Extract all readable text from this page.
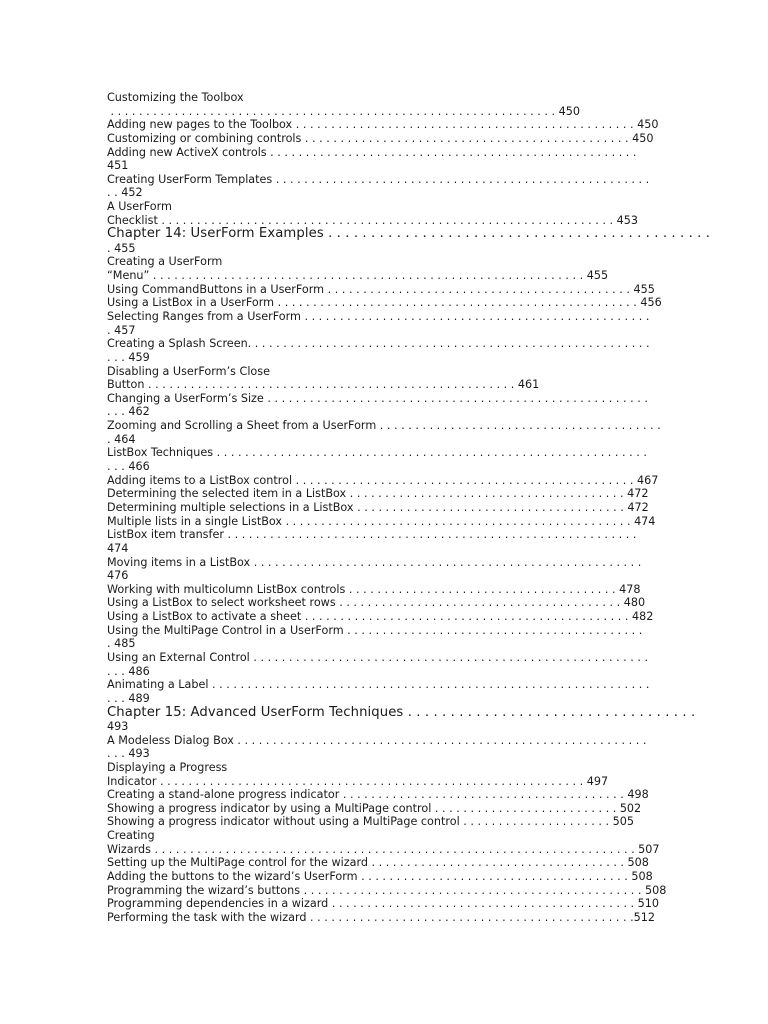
Customizing the Toolbox
. . . . . . . . . . . . . . . . . . . . . . . . . . . . . . . . . . . . . . . . . . . . . . . . . . . . . . . . . . . . . . . 450
Adding new pages to the Toolbox . . . . . . . . . . . . . . . . . . . . . . . . . . . . . . . . . . . . . . . . . . . . . . . . 450
Customizing or combining controls . . . . . . . . . . . . . . . . . . . . . . . . . . . . . . . . . . . . . . . . . . . . . . 450
Adding new ActiveX controls . . . . . . . . . . . . . . . . . . . . . . . . . . . . . . . . . . . . . . . . . . . . . . . . . . . .
451
Creating UserForm Templates . . . . . . . . . . . . . . . . . . . . . . . . . . . . . . . . . . . . . . . . . . . . . . . . . . . . .
. . 452
A UserForm
Checklist . . . . . . . . . . . . . . . . . . . . . . . . . . . . . . . . . . . . . . . . . . . . . . . . . . . . . . . . . . . . . . . . 453
Chapter 14: UserForm Examples . . . . . . . . . . . . . . . . . . . . . . . . . . . . . . . . . . . . . . . . . . . . .
. 455
Creating a UserForm
“Menu” . . . . . . . . . . . . . . . . . . . . . . . . . . . . . . . . . . . . . . . . . . . . . . . . . . . . . . . . . . . . . 455
Using CommandButtons in a UserForm . . . . . . . . . . . . . . . . . . . . . . . . . . . . . . . . . . . . . . . . . . . 455
Using a ListBox in a UserForm . . . . . . . . . . . . . . . . . . . . . . . . . . . . . . . . . . . . . . . . . . . . . . . . . . . 456
Selecting Ranges from a UserForm . . . . . . . . . . . . . . . . . . . . . . . . . . . . . . . . . . . . . . . . . . . . . . . . .
. 457
Creating a Splash Screen. . . . . . . . . . . . . . . . . . . . . . . . . . . . . . . . . . . . . . . . . . . . . . . . . . . . . . . . .
. . . 459
Disabling a UserForm’s Close
Button . . . . . . . . . . . . . . . . . . . . . . . . . . . . . . . . . . . . . . . . . . . . . . . . . . . . 461
Changing a UserForm’s Size . . . . . . . . . . . . . . . . . . . . . . . . . . . . . . . . . . . . . . . . . . . . . . . . . . . . . .
. . . 462
Zooming and Scrolling a Sheet from a UserForm . . . . . . . . . . . . . . . . . . . . . . . . . . . . . . . . . . . . . . . .
. 464
ListBox Techniques . . . . . . . . . . . . . . . . . . . . . . . . . . . . . . . . . . . . . . . . . . . . . . . . . . . . . . . . . . . . .
. . . 466
Adding items to a ListBox control . . . . . . . . . . . . . . . . . . . . . . . . . . . . . . . . . . . . . . . . . . . . . . . . 467
Determining the selected item in a ListBox . . . . . . . . . . . . . . . . . . . . . . . . . . . . . . . . . . . . . . . 472
Determining multiple selections in a ListBox . . . . . . . . . . . . . . . . . . . . . . . . . . . . . . . . . . . . . . 472
Multiple lists in a single ListBox . . . . . . . . . . . . . . . . . . . . . . . . . . . . . . . . . . . . . . . . . . . . . . . . . 474
ListBox item transfer . . . . . . . . . . . . . . . . . . . . . . . . . . . . . . . . . . . . . . . . . . . . . . . . . . . . . . . . . .
474
Moving items in a ListBox . . . . . . . . . . . . . . . . . . . . . . . . . . . . . . . . . . . . . . . . . . . . . . . . . . . . . . .
476
Working with multicolumn ListBox controls . . . . . . . . . . . . . . . . . . . . . . . . . . . . . . . . . . . . . . 478
Using a ListBox to select worksheet rows . . . . . . . . . . . . . . . . . . . . . . . . . . . . . . . . . . . . . . . . 480
Using a ListBox to activate a sheet . . . . . . . . . . . . . . . . . . . . . . . . . . . . . . . . . . . . . . . . . . . . . . 482
Using the MultiPage Control in a UserForm . . . . . . . . . . . . . . . . . . . . . . . . . . . . . . . . . . . . . . . . . .
. 485
Using an External Control . . . . . . . . . . . . . . . . . . . . . . . . . . . . . . . . . . . . . . . . . . . . . . . . . . . . . . . .
. . . 486
Animating a Label . . . . . . . . . . . . . . . . . . . . . . . . . . . . . . . . . . . . . . . . . . . . . . . . . . . . . . . . . . . . . .
. . . 489
Chapter 15: Advanced UserForm Techniques . . . . . . . . . . . . . . . . . . . . . . . . . . . . . . . . . .
493
A Modeless Dialog Box . . . . . . . . . . . . . . . . . . . . . . . . . . . . . . . . . . . . . . . . . . . . . . . . . . . . . . . . . .
. . . 493
Displaying a Progress
Indicator . . . . . . . . . . . . . . . . . . . . . . . . . . . . . . . . . . . . . . . . . . . . . . . . . . . . . . . . . . . . 497
Creating a stand-alone progress indicator . . . . . . . . . . . . . . . . . . . . . . . . . . . . . . . . . . . . . . . . 498
Showing a progress indicator by using a MultiPage control . . . . . . . . . . . . . . . . . . . . . . . . . . 502
Showing a progress indicator without using a MultiPage control . . . . . . . . . . . . . . . . . . . . . 505
Creating
Wizards . . . . . . . . . . . . . . . . . . . . . . . . . . . . . . . . . . . . . . . . . . . . . . . . . . . . . . . . . . . . . . . . . . . . 507
Setting up the MultiPage control for the wizard . . . . . . . . . . . . . . . . . . . . . . . . . . . . . . . . . . . . 508
Adding the buttons to the wizard’s UserForm . . . . . . . . . . . . . . . . . . . . . . . . . . . . . . . . . . . . . . 508
Programming the wizard’s buttons . . . . . . . . . . . . . . . . . . . . . . . . . . . . . . . . . . . . . . . . . . . . . . . . 508
Programming dependencies in a wizard . . . . . . . . . . . . . . . . . . . . . . . . . . . . . . . . . . . . . . . . . . . 510
Performing the task with the wizard . . . . . . . . . . . . . . . . . . . . . . . . . . . . . . . . . . . . . . . . . . . . . .512
